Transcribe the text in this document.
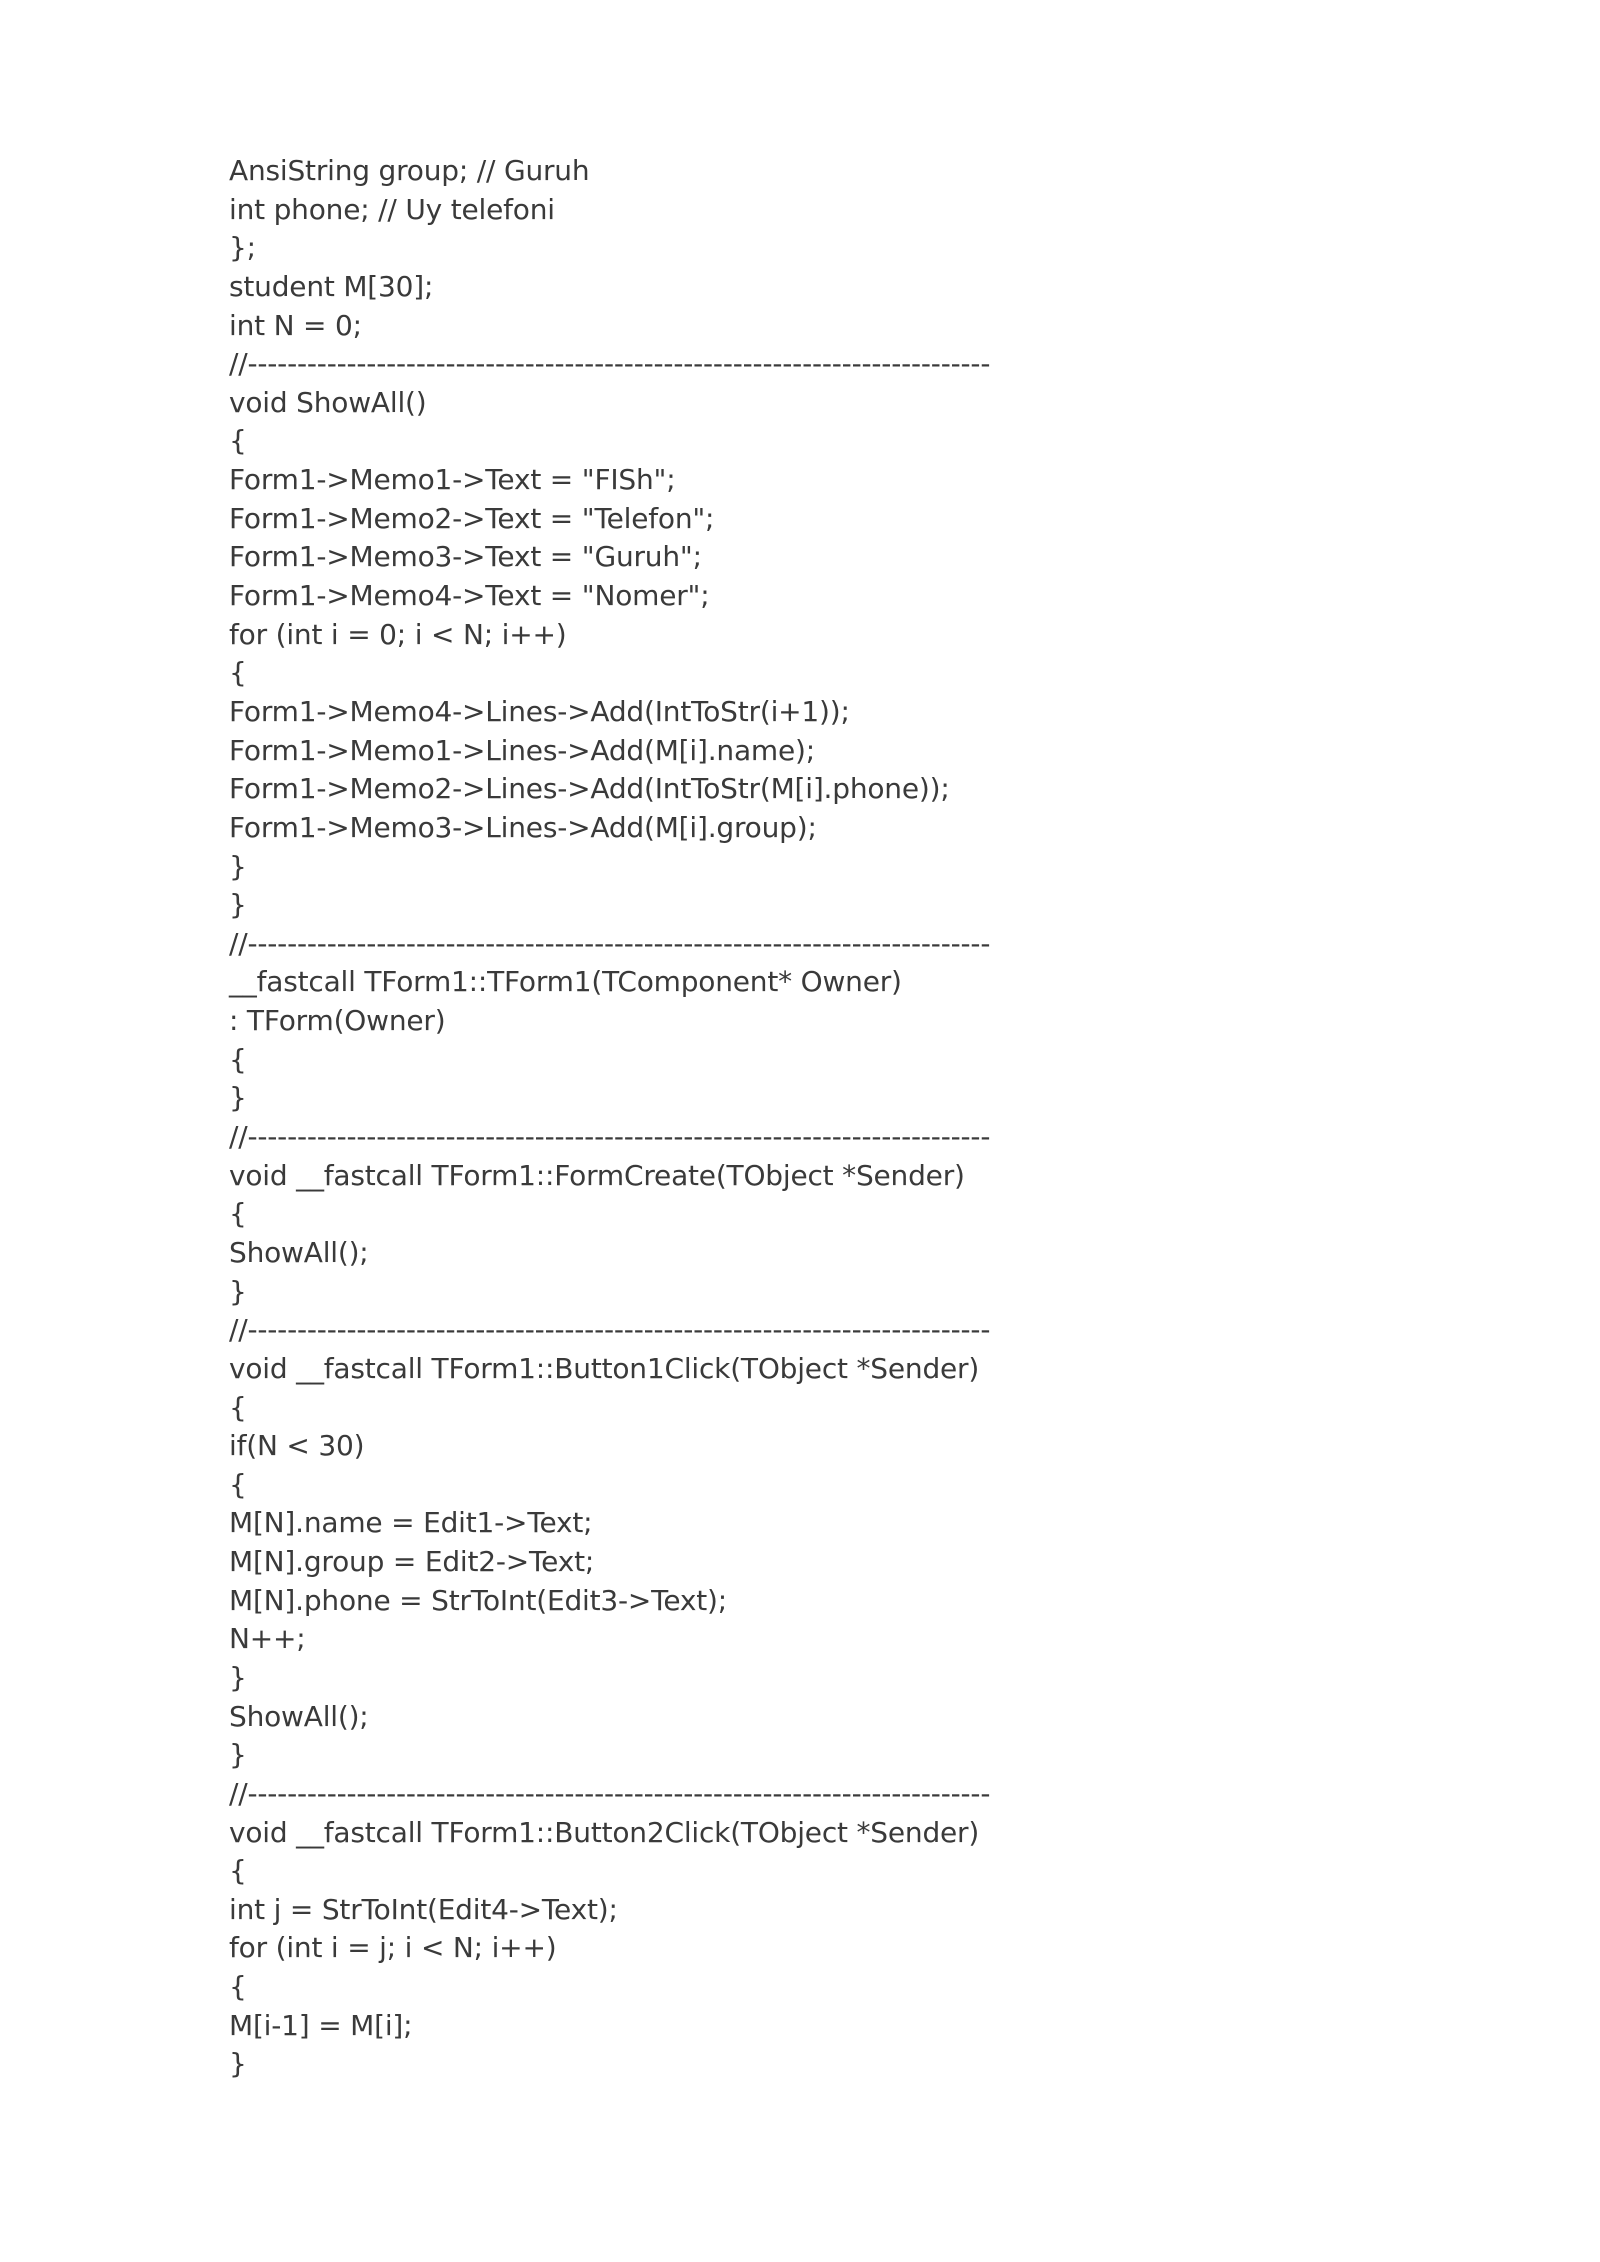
AnsiString group; // Guruh
int phone; // Uy telefoni
};
student M[30];
int N = 0;
//---------------------------------------------------------------------------
void ShowAll()
{
Form1->Memo1->Text = "FISh";
Form1->Memo2->Text = "Telefon";
Form1->Memo3->Text = "Guruh";
Form1->Memo4->Text = "Nomer";
for (int i = 0; i < N; i++)
{
Form1->Memo4->Lines->Add(IntToStr(i+1));
Form1->Memo1->Lines->Add(M[i].name);
Form1->Memo2->Lines->Add(IntToStr(M[i].phone));
Form1->Memo3->Lines->Add(M[i].group);
}
}
//---------------------------------------------------------------------------
__fastcall TForm1::TForm1(TComponent* Owner)
: TForm(Owner)
{
}
//---------------------------------------------------------------------------
void __fastcall TForm1::FormCreate(TObject *Sender)
{
ShowAll();
}
//---------------------------------------------------------------------------
void __fastcall TForm1::Button1Click(TObject *Sender)
{
if(N < 30)
{
M[N].name = Edit1->Text;
M[N].group = Edit2->Text;
M[N].phone = StrToInt(Edit3->Text);
N++;
}
ShowAll();
}
//---------------------------------------------------------------------------
void __fastcall TForm1::Button2Click(TObject *Sender)
{
int j = StrToInt(Edit4->Text);
for (int i = j; i < N; i++)
{
M[i-1] = M[i];
}
